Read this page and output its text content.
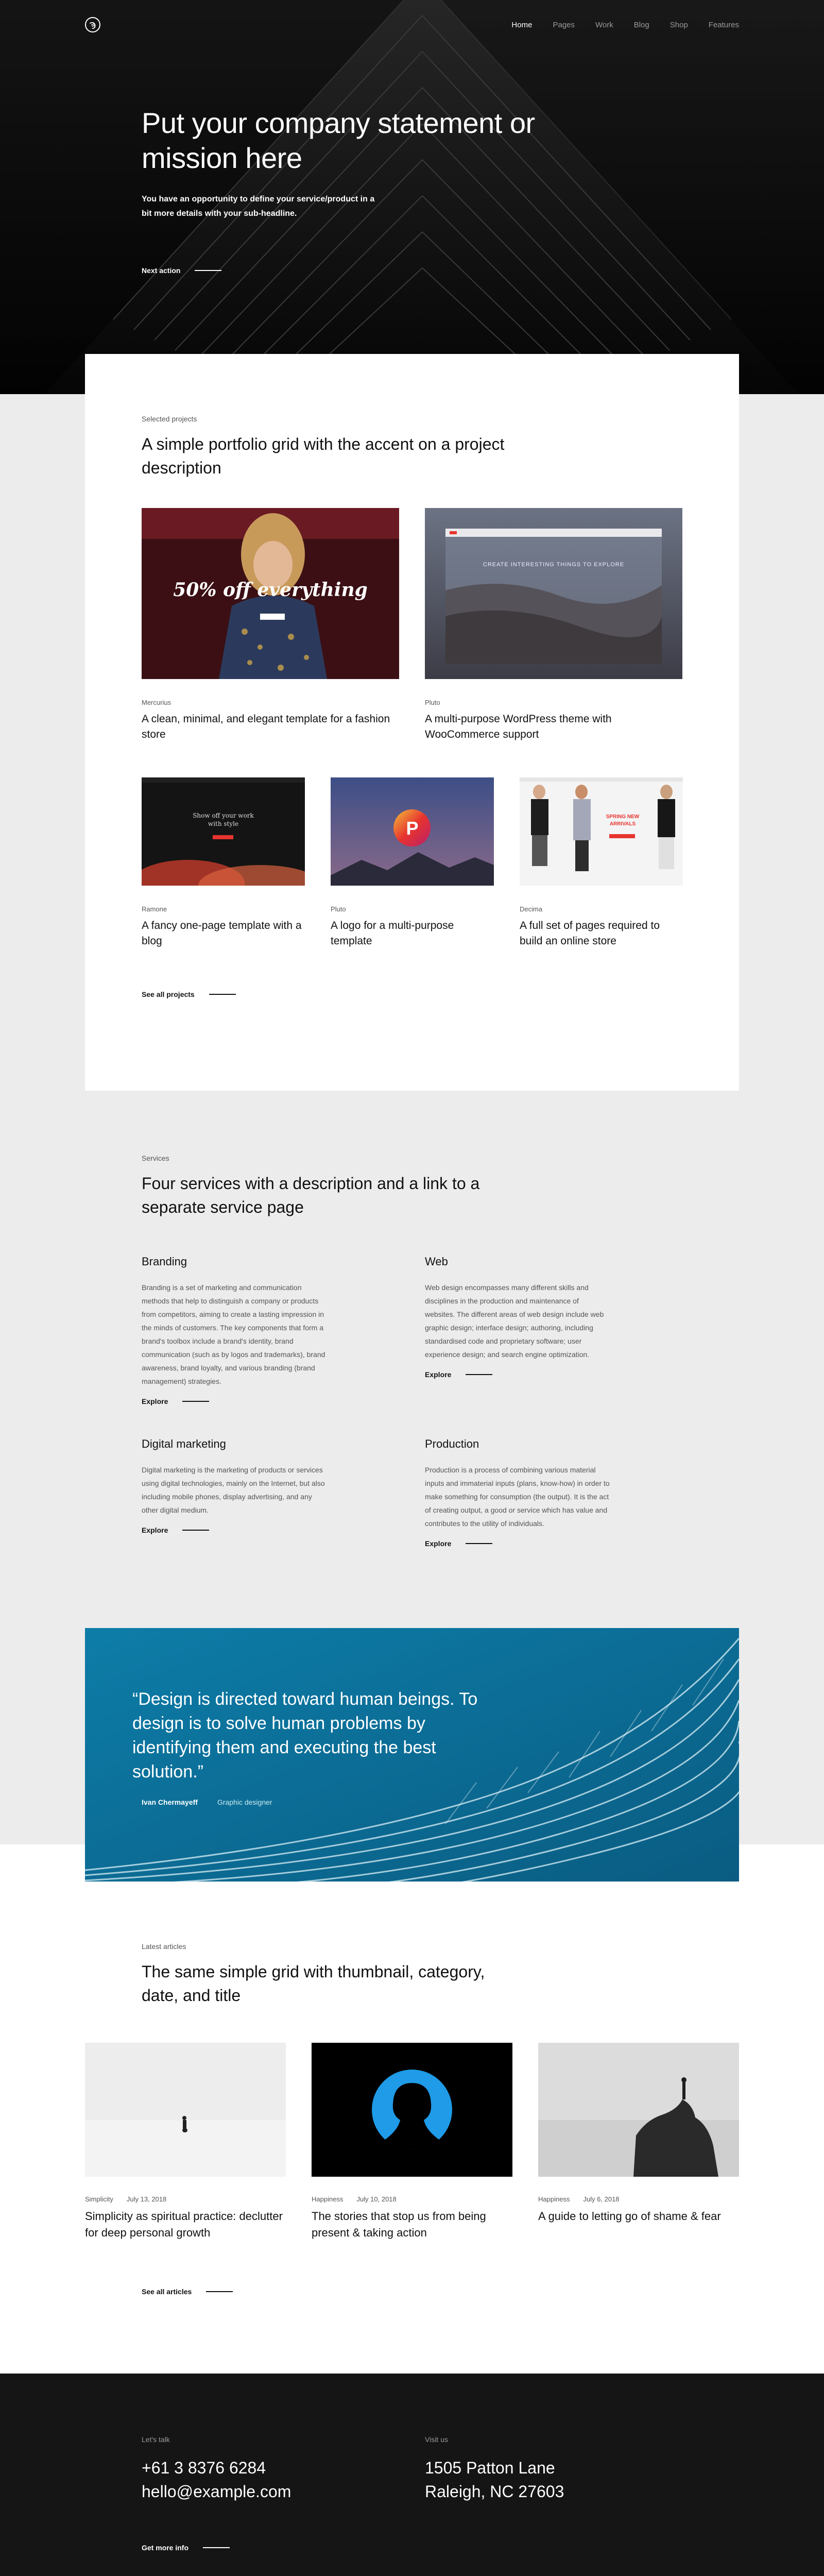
Ϡ	Home	Pages	Work	Blog	Shop	Features
Put your company statement or mission here

You have an opportunity to define your service/product in a bit more details with your sub-headline.

Next action
Selected projects
A simple portfolio grid with the accent on a project description
50% off everything
Mercurius
A clean, minimal, and elegant template for a fashion store
CREATE INTERESTING THINGS TO EXPLORE
Pluto
A multi-purpose WordPress theme with WooCommerce support
Show off your work with style
Ramone
A fancy one-page template with a blog
P
Pluto
A logo for a multi-purpose template
SPRING NEW ARRIVALS
Decima
A full set of pages required to build an online store
See all projects
Services
Four services with a description and a link to a separate service page
Branding

Branding is a set of marketing and communication methods that help to distinguish a company or products from competitors, aiming to create a lasting impression in the minds of customers. The key components that form a brand's toolbox include a brand's identity, brand communication (such as by logos and trademarks), brand awareness, brand loyalty, and various branding (brand management) strategies.

Explore
Web

Web design encompasses many different skills and disciplines in the production and maintenance of websites. The different areas of web design include web graphic design; interface design; authoring, including standardised code and proprietary software; user experience design; and search engine optimization.

Explore
Digital marketing

Digital marketing is the marketing of products or services using digital technologies, mainly on the Internet, but also including mobile phones, display advertising, and any other digital medium.

Explore
Production

Production is a process of combining various material inputs and immaterial inputs (plans, know-how) in order to make something for consumption (the output). It is the act of creating output, a good or service which has value and contributes to the utility of individuals.

Explore
“Design is directed toward human beings. To design is to solve human problems by identifying them and executing the best solution.”
Ivan Chermayeff	Graphic designer
Latest articles
The same simple grid with thumbnail, category, date, and title
Simplicity July 13, 2018
Simplicity as spiritual practice: declutter for deep personal growth
Happiness July 10, 2018
The stories that stop us from being present & taking action
Happiness July 6, 2018
A guide to letting go of shame & fear
See all articles
Let's talk
+61 3 8376 6284
hello@example.com
Visit us
1505 Patton Lane
Raleigh, NC 27603
Get more info
